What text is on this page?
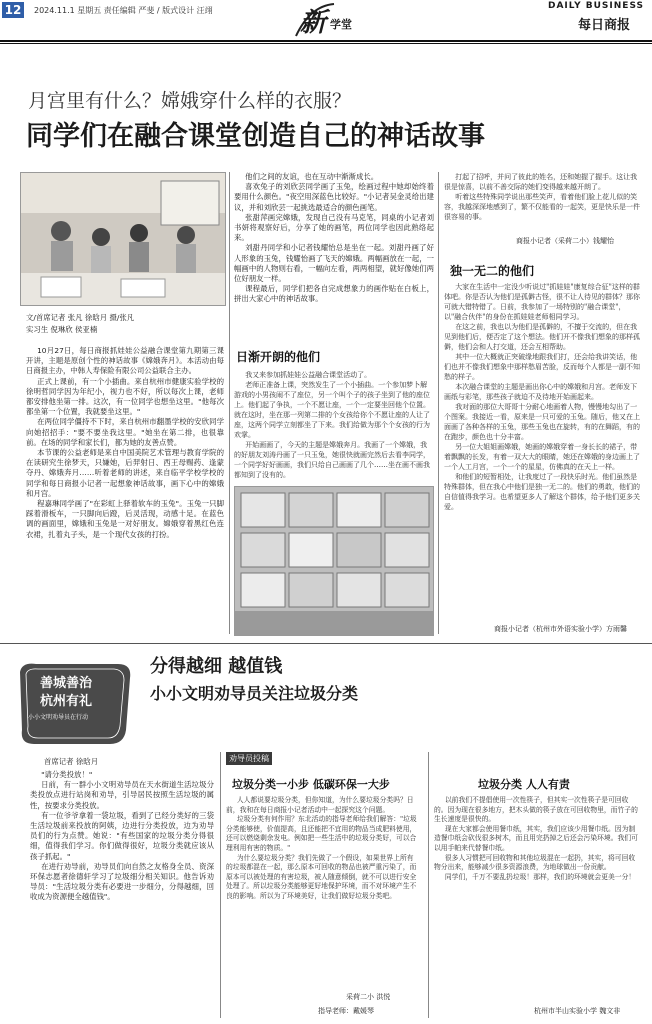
12	2024.11.1 星期五 责任编辑 严斐 / 版式设计 汪翊	新 学堂
DAILY BUSINESS
每日商报
月宫里有什么？嫦娥穿什么样的衣服？
同学们在融合课堂创造自己的神话故事
文/首席记者 张凡 徐晗月 摄/张凡
实习生 倪琳欣 侯亚楠

10月27日，每日商报抓娃娃公益融合课堂第九期第三课开讲，主题是原创个性的神话故事《嫦娥奔月》。本活动由每日商报主办，中韩人寿保险有限公司公益联合主办。

正式上课前，有一个小插曲。来自杭州市健康实验学校的徐明哲同学因为年纪小，视力也不好，所以每次上课，老师都安排他坐第一排。这次，有一位同学也想坐这里。"他每次都坐第一个位置，我就要坐这里。"

在两位同学僵持不下时，来自杭州市翻墨学校的安欣同学向她招招手："要不要坐我这里。"她坐在第二排，也很靠前。在场的同学和家长们，都为她的友善点赞。

本节课的公益老师是来自中国美院艺术管理与教育学院的在读研究生徐梦天，只嫌她，后羿射日、西王母赐药、逢蒙夺丹、嫦娥奔月……听着老师的讲述，来自临平学校学校的同学和每日商报小记者一起想象神话故事，画下心中的嫦娥和月宫。

程嘉琳同学画了"在彩虹上驿着软车的玉兔"。玉兔一只脚踩着滑板车，一只脚向后蹬，后灵活现，动感十足。在蓝色调的画面里，嫦娥和玉兔是一对好朋友。嫦娥穿着黑红色连衣裙，扎着丸子头，是一个现代女孩的打扮。

他们之间的友谊，也在互动中渐渐成长。

喜欢兔子的刘欣芸同学画了玉兔，绘画过程中她却始终着要用什么颜色。"夜空用深蓝色比较好。"小记者吴金灵给出建议，并和刘欣芸一起挑选最适合的颜色画笔。

张甜萍画完嫦娥，发现自己没有马克笔，同桌的小记者刘书妍将观察好后，分享了她的画笔，两位同学也因此熟络起来。

刘甜丹同学和小记者钱耀怡总是坐在一起。刘甜丹画了好人形象的玉兔，钱耀怡画了飞天的嫦娥。两幅画放在一起，一幅画中的人物则右看，一幅向左看，两两相望，就好像她们两位好朋友一样。

课程最后，同学们把各自完成想象力的画作贴在白板上，拼出大家心中的神话故事。

日渐开朗的他们

我又来参加抓娃娃公益融合课堂活动了。

老师正准备上课，突然发生了一个小插曲。一个参加梦卜解游戏的小男孩闹不了座位，另一个叫个子的孩子坐到了他的座位上。他们起了争执，一个不愿让座，一个一定要坐回他个位置。就在这时，坐在那一列第二排的个女孩给你个不愿让座的人让了座，这两个同学立刻都坐了下来。我们给做为那个个女孩的行为欢掌。

开始画画了，今天的主题是嫦娥奔月。我画了一个嫦娥，我的好朋友刘涛丹画了一只玉兔，她很快就画完然后去看李同学，一个同学好好画画，我们只给自己画画了几个……坐在画不画我都知到了没有的。

打起了招呼，并问了彼此的姓名，还和她握了握手。这让我很是惊喜，以前不善交际的她们变得越来越开朗了。

听着这些特殊同学说出那些笑声，看着他们脸上花儿似的笑容，我越深深地感到了，繁不仅能看的一起笑，更是快乐是一件很容易的事。

商报小记者（采荷二小）钱耀怡
独一无二的他们

大家在生活中一定没少听说过"抓娃娃"康复综合征"这样的群体吧。你是否认为他们是孤僻古怪，很不让人待见的群体？那你可就大错特错了。日前，我参加了一场特别的"融合课堂"，以"融合伙伴"的身份在抓娃娃老师相同学习。

在这之前，我也以为他们是孤僻的，不擅于交流的，但在我见到他们后，便否定了这个想法。他们开不像我们想象的那样孤僻，他们会和人打交道，还会互相帮助。

其中一位大概就正突破缘地跟我们打，还会给我讲笑话，他们也并不像我们想象中那样愁眉苦脸，反而每个人都是一副不知愁的样子。

本次融合课堂的主题是画出你心中的嫦娥和月宫。老师发下画纸与彩笔，那些孩子就迫不及待地开始画起来。

我对面的那位大哥哥十分耐心地画着人物，慢慢地勾出了一个图案。我接近一看，原来是一只可爱的玉兔。随后，他又在上面画了各种各样的玉兔，那些玉兔也在旋转，有的在舞蹈，有的在跑步，颜色也十分丰富。

另一位大姐姐画嫦娥，她画的嫦娥穿着一身长长的裙子，带着飘飘的长发，有着一双大大的眼睛，她还在嫦娥的身边画上了一个人工月宫，一个一个的星星，仿佛真的在天上一样。

和他们的短暂相处，让我度过了一段快乐时光。他们虽然是特殊群体，但在我心中他们是独一无二的。他们的勇敢，他们的自信值得我学习。也希望更多人了解这个群体，给予他们更多关爱。

商报小记者（杭州市外语实验小学）方雨馨
善城善治
杭州有礼
小小文明劝导员在行动
分得越细 越值钱
小小文明劝导员关注垃圾分类
首席记者 徐晗月

"请分类投放！"

日前，有一群小小文明劝导员在天水街道生活垃圾分类投放点进行站岗和劝导，引导居民按照生活垃圾的属性，按要求分类投放。

有一位爷爷拿着一袋垃圾，看到了已经分类好的三袋生活垃圾前来投放的阿姨，边进行分类投放，边为劝导员们的行为点赞。她说："有些国家的垃圾分类分得很细，值得我们学习。你们做得很好，垃圾分类就应该从孩子抓起。"

在进行劝导前，劝导员们向自然之友格身全员、资深环保志愿者徐德轩学习了垃圾细分相关知识。他告诉劝导员："生活垃圾分类有必要进一步细分，分得越细，回收成为资源便全越值钱"。

劝导员投稿
垃圾分类一小步 低碳环保一大步

人人都说要垃圾分类，但你知道，为什么要垃圾分类吗？日前，我和在每日商报小记者活动中一起探究这个问题。

垃圾分类有何作用？东北活动的指导老师给我们解答："垃圾分类能够使，价值提高，且还能把不宜用的物品当成肥料使用，还可以燃烧剩余发电。例如把一些生活中的垃圾分类好，可以合理利用有害的物质。"

为什么要垃圾分类？我们先做了一个假设，如果世界上所有的垃圾都混在一起，那么原本可回收的物品也被严重污染了，而原本可以被处理的有害垃圾，被人随意倾倒，就不可以进行安全处理了。所以垃圾分类能够更好地保护环境，而不对环境产生不良的影响。所以为了环境美好，让我们做好垃圾分类吧。

采荷二小 洪悦
指导老师：戴媛琴
垃圾分类 人人有责

以前我们不提倡使用一次性筷子，但其实一次性筷子是可回收的。因为现在很多地方，把木头做的筷子放在可回收物里，而竹子的生长速度是很快的。

现在大家都会使用餐巾纸，其实，我们应该少用餐巾纸。因为制造餐巾纸会砍伐很多树木，而且用完扔掉之后还会污染环境。我们可以用手帕来代替餐巾纸。

很多人习惯把可回收物和其他垃圾混在一起扔，其实，将可回收物分出来，能够减少很多资源浪费，为地球做出一份贡献。

同学们，千万不要乱扔垃圾！那样，我们的环境就会更美一分！

杭州市半山实验小学 魏文非
